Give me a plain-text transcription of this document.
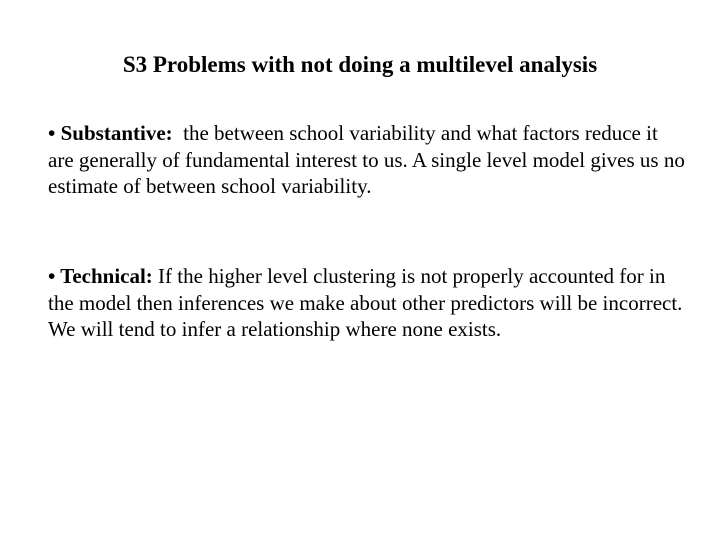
S3 Problems with not doing a multilevel analysis

• Substantive:  the between school variability and what factors reduce it are generally of fundamental interest to us. A single level model gives us no estimate of between school variability.

• Technical: If the higher level clustering is not properly accounted for in the model then inferences we make about other predictors will be incorrect. We will tend to infer a relationship where none exists.
